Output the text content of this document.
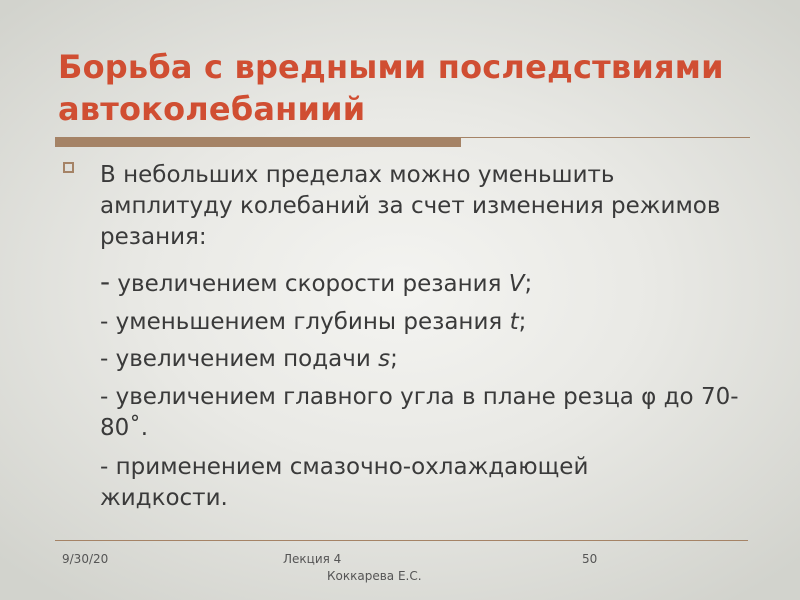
Борьба с вредными последствиями автоколебаниий
В небольших пределах можно уменьшить амплитуду колебаний за счет изменения режимов резания:
- увеличением скорости резания V;
- уменьшением глубины резания t;
- увеличением подачи s;
- увеличением главного угла в плане резца φ до 70-80˚.
- применением смазочно-охлаждающей жидкости.
9/30/20	Лекция 4
Коккарева Е.С.
50
